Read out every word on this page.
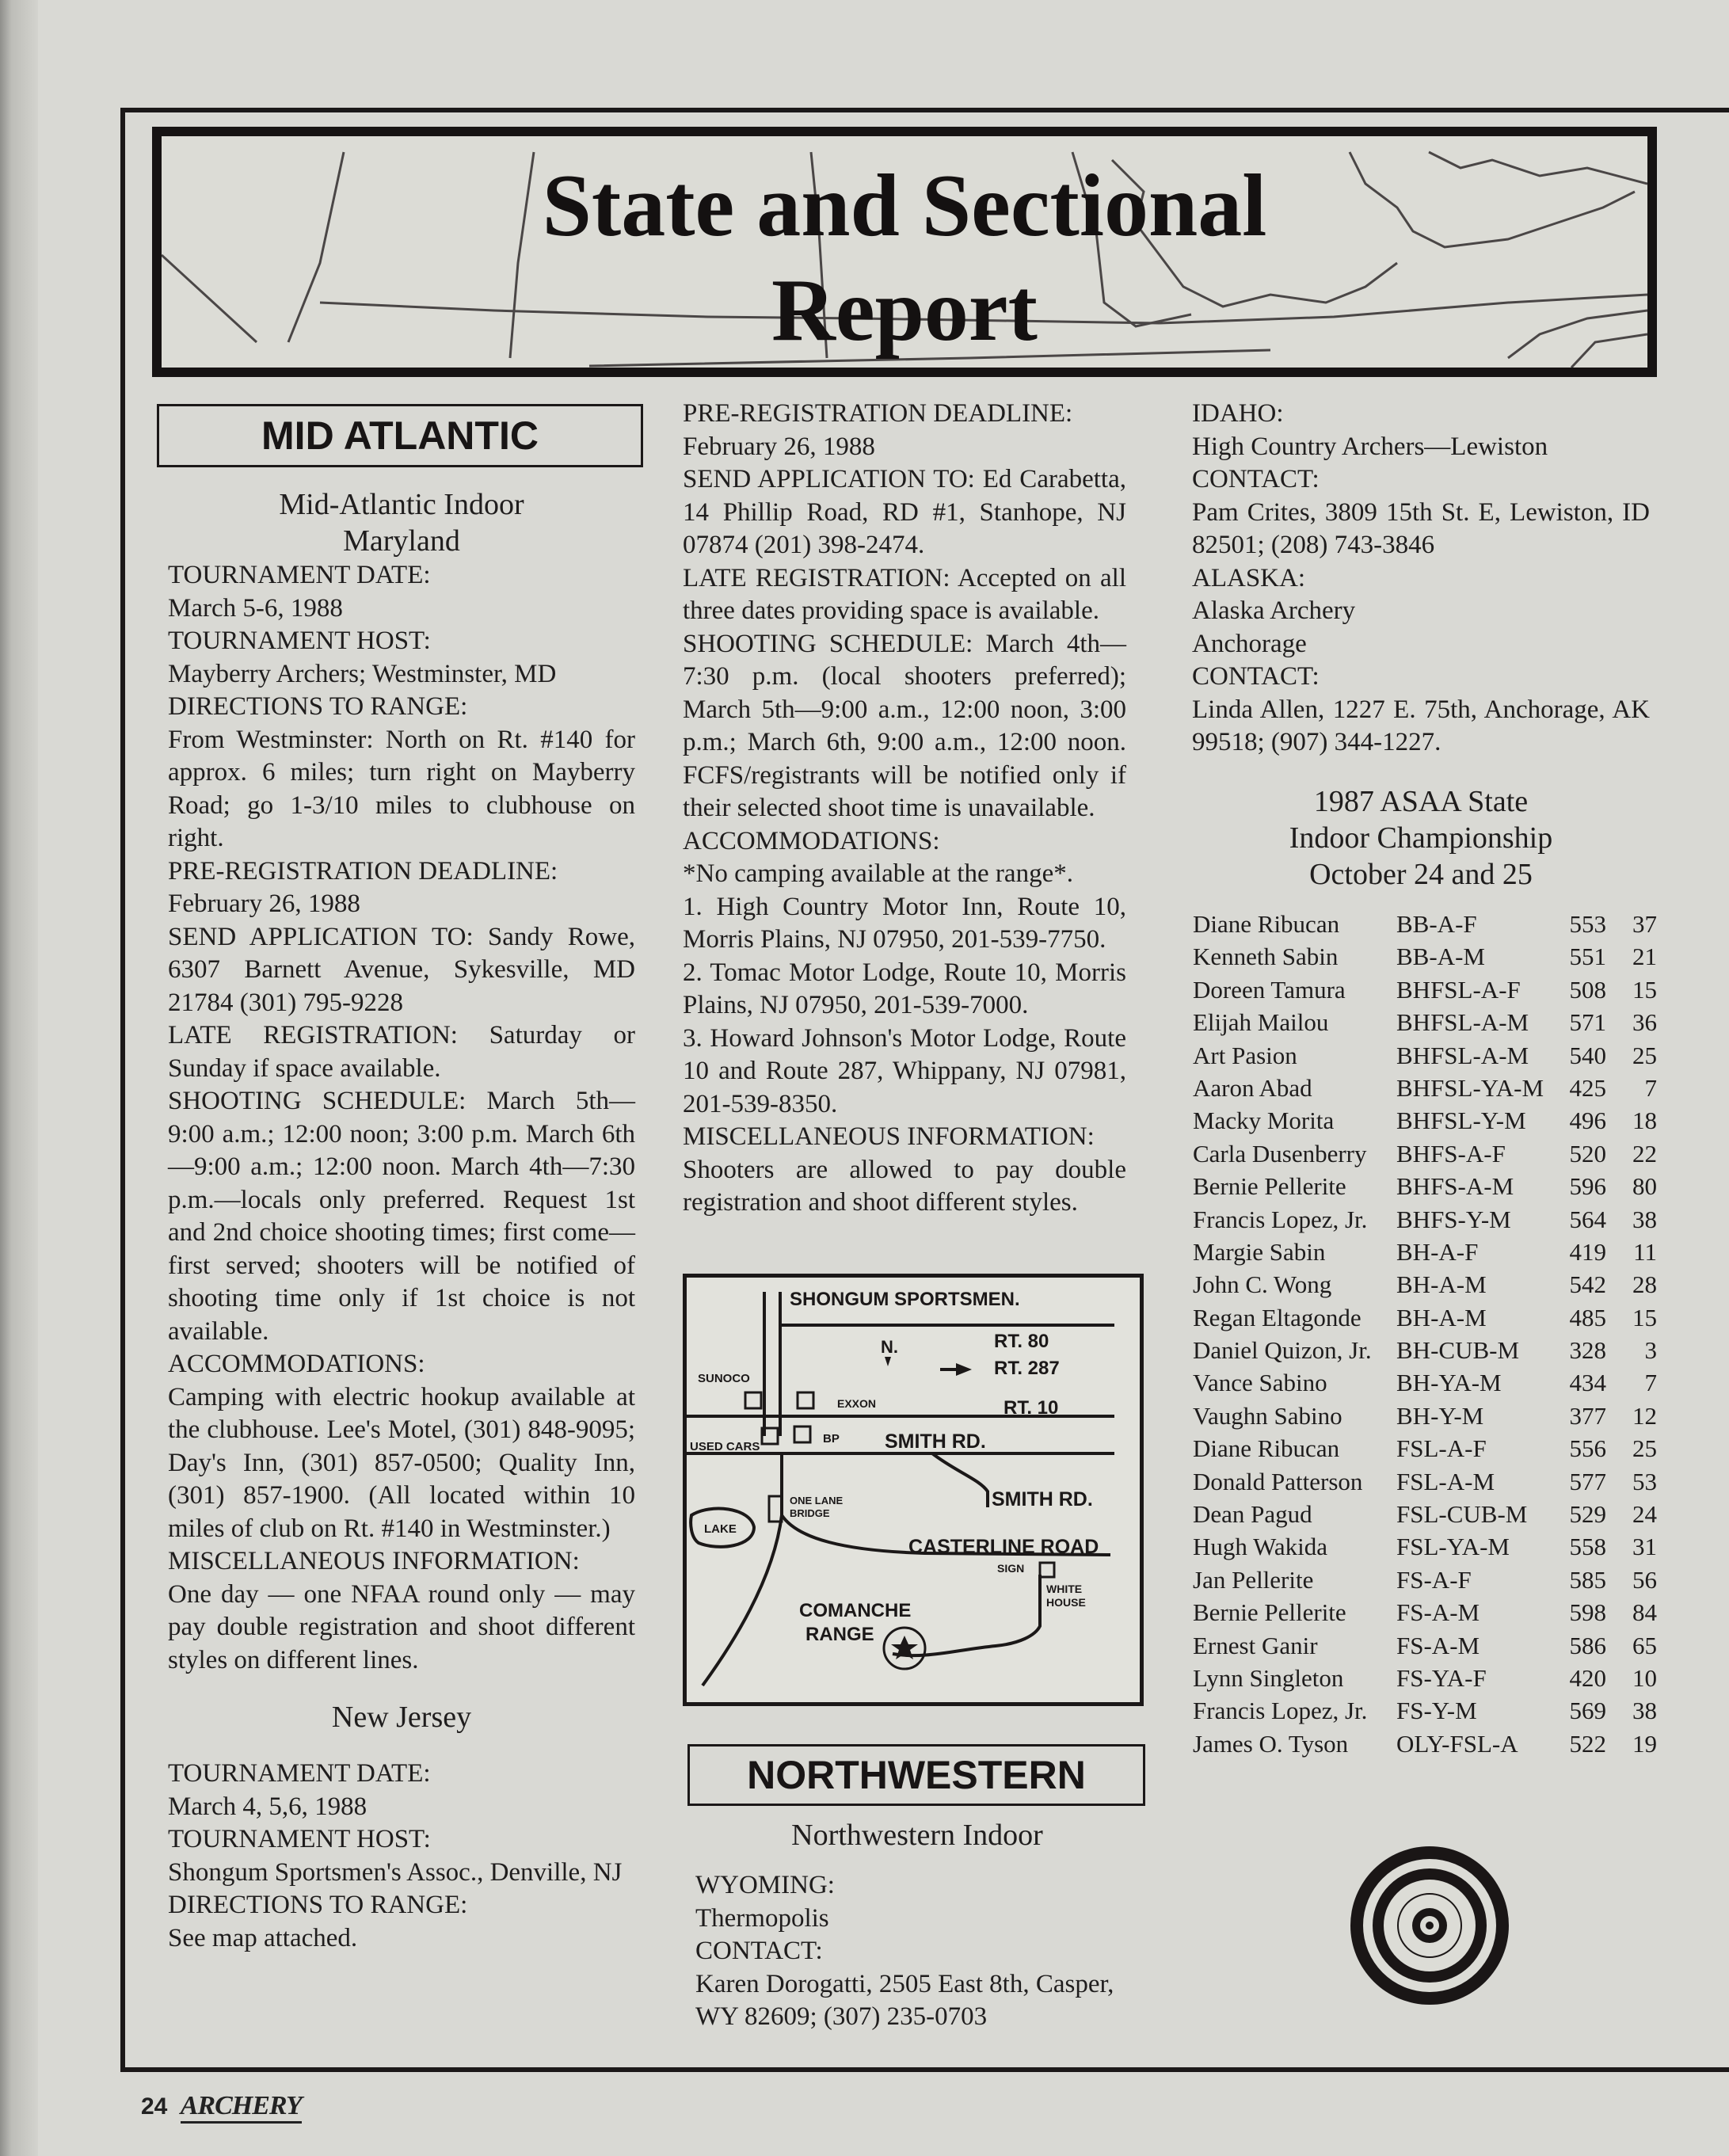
State and Sectional
Report
MID ATLANTIC

Mid-Atlantic Indoor

Maryland

TOURNAMENT DATE:

March 5-6, 1988

TOURNAMENT HOST:

Mayberry Archers; Westminster, MD

DIRECTIONS TO RANGE:

From Westminster: North on Rt. #140 for approx. 6 miles; turn right on Mayberry Road; go 1-3/10 miles to clubhouse on right.

PRE-REGISTRATION DEADLINE:

February 26, 1988

SEND APPLICATION TO: Sandy Rowe, 6307 Barnett Avenue, Sykesville, MD 21784 (301) 795-9228

LATE REGISTRATION: Saturday or Sunday if space available.

SHOOTING SCHEDULE: March 5th—9:00 a.m.; 12:00 noon; 3:00 p.m. March 6th—9:00 a.m.; 12:00 noon. March 4th—7:30 p.m.—locals only preferred. Request 1st and 2nd choice shooting times; first come—first served; shooters will be notified of shooting time only if 1st choice is not available.

ACCOMMODATIONS:

Camping with electric hookup available at the clubhouse. Lee's Motel, (301) 848-9095; Day's Inn, (301) 857-0500; Quality Inn, (301) 857-1900. (All located within 10 miles of club on Rt. #140 in Westminster.)

MISCELLANEOUS INFORMATION:

One day — one NFAA round only — may pay double registration and shoot different styles on different lines.

New Jersey

TOURNAMENT DATE:

March 4, 5,6, 1988

TOURNAMENT HOST:

Shongum Sportsmen's Assoc., Denville, NJ

DIRECTIONS TO RANGE:

See map attached.

PRE-REGISTRATION DEADLINE:

February 26, 1988

SEND APPLICATION TO: Ed Carabetta, 14 Phillip Road, RD #1, Stanhope, NJ 07874 (201) 398-2474.

LATE REGISTRATION: Accepted on all three dates providing space is available.

SHOOTING SCHEDULE: March 4th—7:30 p.m. (local shooters preferred); March 5th—9:00 a.m., 12:00 noon, 3:00 p.m.; March 6th, 9:00 a.m., 12:00 noon. FCFS/registrants will be notified only if their selected shoot time is unavailable.

ACCOMMODATIONS:

*No camping available at the range*.

1. High Country Motor Inn, Route 10, Morris Plains, NJ 07950, 201-539-7750.

2. Tomac Motor Lodge, Route 10, Morris Plains, NJ 07950, 201-539-7000.

3. Howard Johnson's Motor Lodge, Route 10 and Route 287, Whippany, NJ 07981, 201-539-8350.

MISCELLANEOUS INFORMATION:

Shooters are allowed to pay double registration and shoot different styles.

SHONGUM SPORTSMEN.
N.	RT. 80
RT. 287
RT. 10
SUNOCO
EXXON
USED CARS
BP SMITH RD.
SMITH RD.
LAKE
ONE LANE
BRIDGE
CASTERLINE ROAD
SIGN
WHITE
HOUSE
COMANCHE
RANGE
NORTHWESTERN

Northwestern Indoor

WYOMING:

Thermopolis

CONTACT:

Karen Dorogatti, 2505 East 8th, Casper, WY 82609; (307) 235-0703

IDAHO:

High Country Archers—Lewiston

CONTACT:

Pam Crites, 3809 15th St. E, Lewiston, ID 82501; (208) 743-3846

ALASKA:

Alaska Archery

Anchorage

CONTACT:

Linda Allen, 1227 E. 75th, Anchorage, AK 99518; (907) 344-1227.

1987 ASAA State

Indoor Championship

October 24 and 25

Diane Ribucan BB-A-F	553	37
Kenneth Sabin BB-A-M	551	21
Doreen Tamura BHFSL-A-F	508	15
Elijah Mailou	BHFSL-A-M	571	36
Art Pasion	BHFSL-A-M	540	25
Aaron Abad	BHFSL-YA-M	425	7
Macky Morita	BHFSL-Y-M	496	18
Carla Dusenberry BHFS-A-F	520	22
Bernie Pellerite BHFS-A-M	596	80
Francis Lopez, Jr. BHFS-Y-M	564	38
Margie Sabin	BH-A-F	419	11
John C. Wong	BH-A-M	542	28
Regan Eltagonde BH-A-M	485	15
Daniel Quizon, Jr. BH-CUB-M	328	3
Vance Sabino	BH-YA-M	434	7
Vaughn Sabino BH-Y-M	377	12
Diane Ribucan FSL-A-F	556	25
Donald Patterson FSL-A-M	577	53
Dean Pagud	FSL-CUB-M	529	24
Hugh Wakida	FSL-YA-M	558	31
Jan Pellerite	FS-A-F	585	56
Bernie Pellerite FS-A-M	598	84
Ernest Ganir	FS-A-M	586	65
Lynn Singleton FS-YA-F	420	10
Francis Lopez, Jr. FS-Y-M	569	38
James O. Tyson OLY-FSL-A	522	19
24 ARCHERY
